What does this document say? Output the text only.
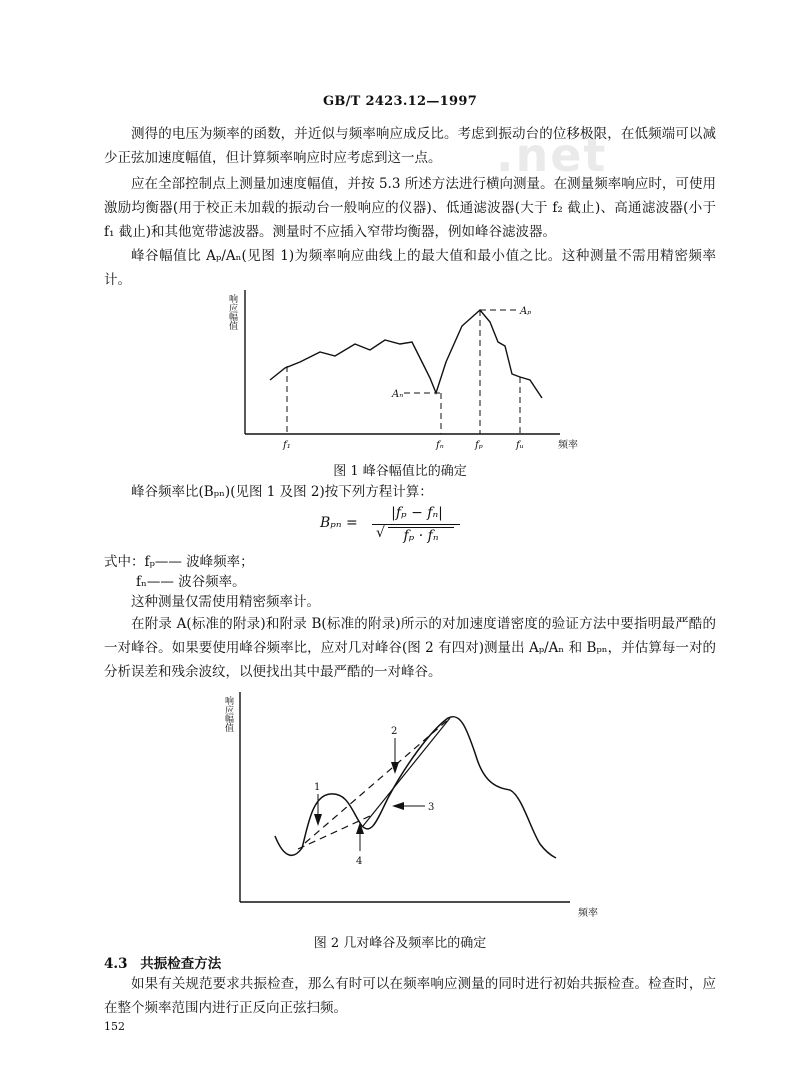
GB/T 2423.12—1997
.net

测得的电压为频率的函数，并近似与频率响应成反比。考虑到振动台的位移极限，在低频端可以减少正弦加速度幅值，但计算频率响应时应考虑到这一点。

应在全部控制点上测量加速度幅值，并按 5.3 所述方法进行横向测量。在测量频率响应时，可使用激励均衡器(用于校正未加载的振动台一般响应的仪器)、低通滤波器(大于 f₂ 截止)、高通滤波器(小于 f₁ 截止)和其他宽带滤波器。测量时不应插入窄带均衡器，例如峰谷滤波器。

峰谷幅值比 Aₚ/Aₙ(见图 1)为频率响应曲线上的最大值和最小值之比。这种测量不需用精密频率计。

响应幅值	Aₚ
Aₙ
f₁	fₙ	fₚ	fᵤ	频率
图 1 峰谷幅值比的确定

峰谷频率比(Bₚₙ)(见图 1 及图 2)按下列方程计算：

Bₚₙ =
|fₚ − fₙ|
√	fₚ · fₙ

式中：fₚ—— 波峰频率；

fₙ—— 波谷频率。

这种测量仅需使用精密频率计。

在附录 A(标准的附录)和附录 B(标准的附录)所示的对加速度谱密度的验证方法中要指明最严酷的一对峰谷。如果要使用峰谷频率比，应对几对峰谷(图 2 有四对)测量出 Aₚ/Aₙ 和 Bₚₙ，并估算每一对的分析误差和残余波纹，以便找出其中最严酷的一对峰谷。

响应幅值
1
2
3
4
频率
图 2 几对峰谷及频率比的确定
4.3 共振检查方法

如果有关规范要求共振检查，那么有时可以在频率响应测量的同时进行初始共振检查。检查时，应在整个频率范围内进行正反向正弦扫频。

152
